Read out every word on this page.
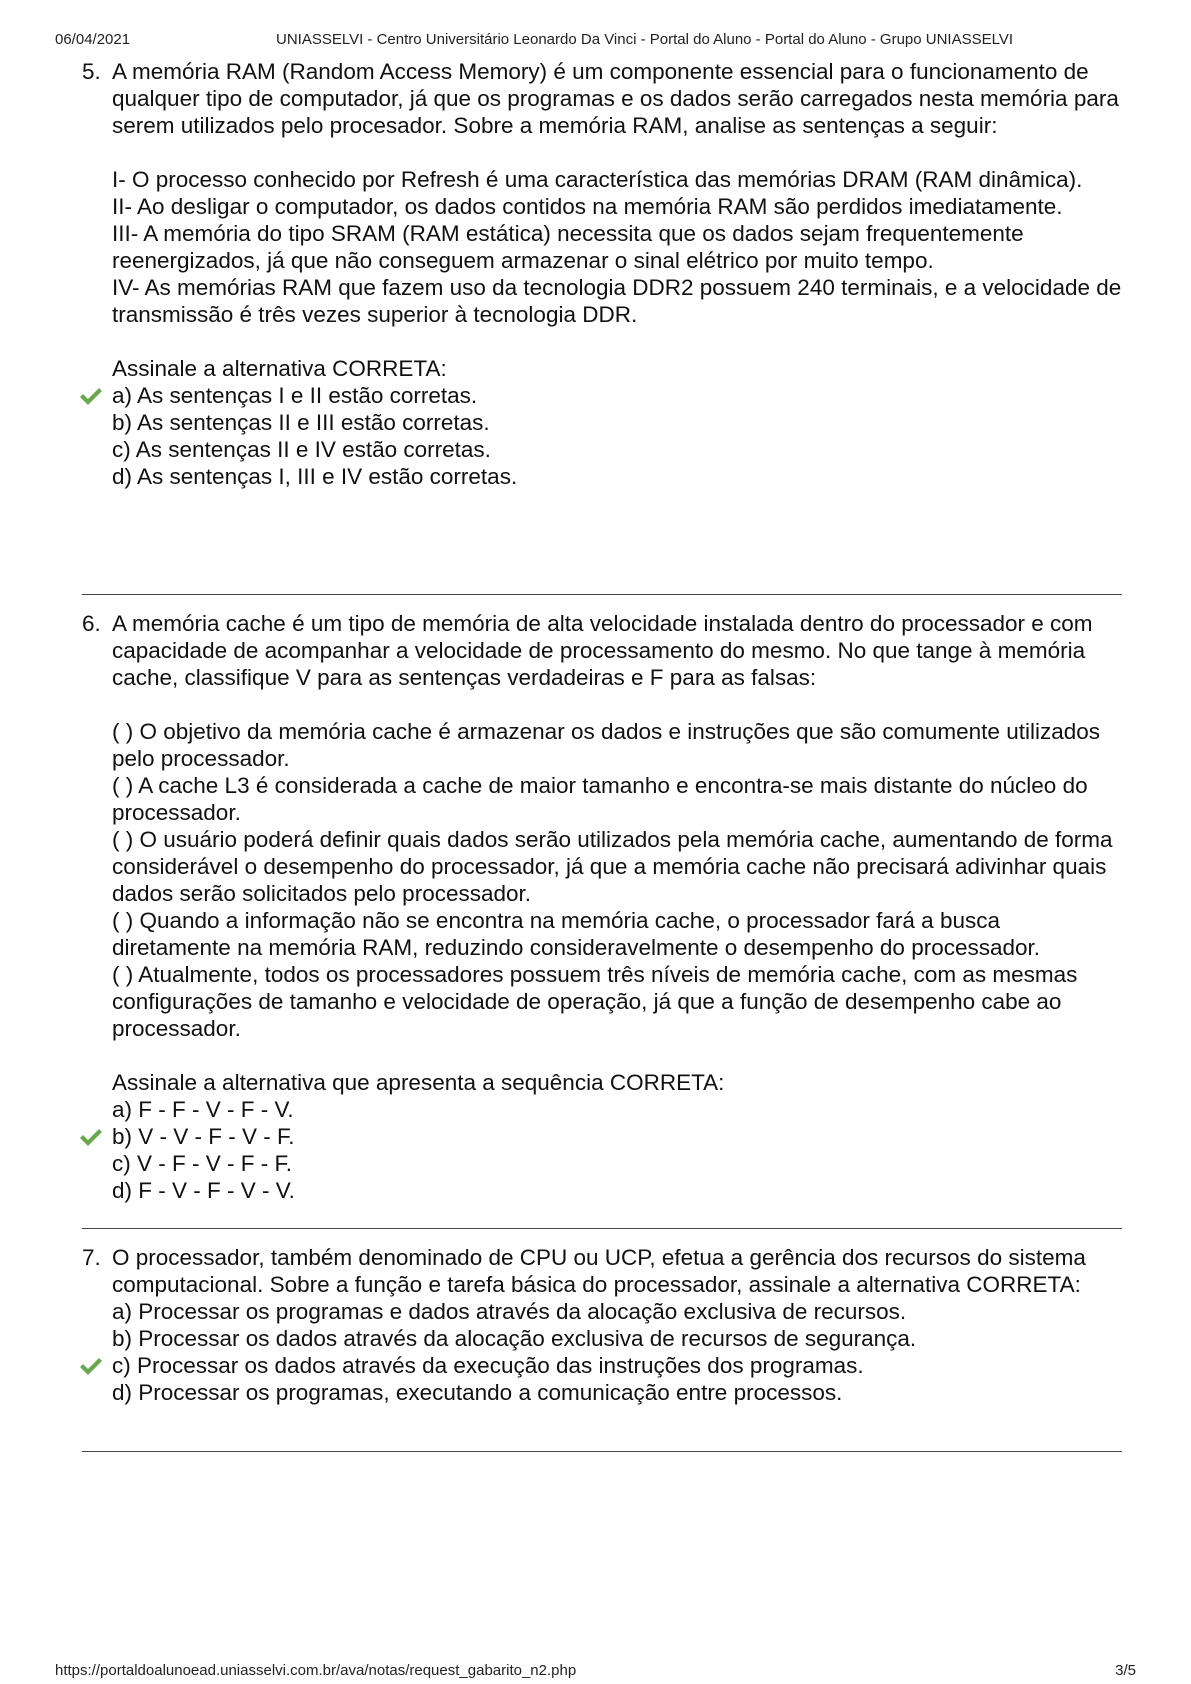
06/04/2021	UNIASSELVI - Centro Universitário Leonardo Da Vinci - Portal do Aluno - Portal do Aluno - Grupo UNIASSELVI
5. A memória RAM (Random Access Memory) é um componente essencial para o funcionamento de qualquer tipo de computador, já que os programas e os dados serão carregados nesta memória para serem utilizados pelo procesador. Sobre a memória RAM, analise as sentenças a seguir:

I- O processo conhecido por Refresh é uma característica das memórias DRAM (RAM dinâmica).
II- Ao desligar o computador, os dados contidos na memória RAM são perdidos imediatamente.
III- A memória do tipo SRAM (RAM estática) necessita que os dados sejam frequentemente reenergizados, já que não conseguem armazenar o sinal elétrico por muito tempo.
IV- As memórias RAM que fazem uso da tecnologia DDR2 possuem 240 terminais, e a velocidade de transmissão é três vezes superior à tecnologia DDR.
Assinale a alternativa CORRETA:
a) As sentenças I e II estão corretas.
b) As sentenças II e III estão corretas.
c) As sentenças II e IV estão corretas.
d) As sentenças I, III e IV estão corretas.
6. A memória cache é um tipo de memória de alta velocidade instalada dentro do processador e com capacidade de acompanhar a velocidade de processamento do mesmo. No que tange à memória cache, classifique V para as sentenças verdadeiras e F para as falsas:

( ) O objetivo da memória cache é armazenar os dados e instruções que são comumente utilizados pelo processador.
( ) A cache L3 é considerada a cache de maior tamanho e encontra-se mais distante do núcleo do processador.
( ) O usuário poderá definir quais dados serão utilizados pela memória cache, aumentando de forma considerável o desempenho do processador, já que a memória cache não precisará adivinhar quais dados serão solicitados pelo processador.
( ) Quando a informação não se encontra na memória cache, o processador fará a busca diretamente na memória RAM, reduzindo consideravelmente o desempenho do processador.
( ) Atualmente, todos os processadores possuem três níveis de memória cache, com as mesmas configurações de tamanho e velocidade de operação, já que a função de desempenho cabe ao processador.
Assinale a alternativa que apresenta a sequência CORRETA:
a) F - F - V - F - V.
b) V - V - F - V - F.
c) V - F - V - F - F.
d) F - V - F - V - V.
7. O processador, também denominado de CPU ou UCP, efetua a gerência dos recursos do sistema computacional. Sobre a função e tarefa básica do processador, assinale a alternativa CORRETA:

a) Processar os programas e dados através da alocação exclusiva de recursos.
b) Processar os dados através da alocação exclusiva de recursos de segurança.
c) Processar os dados através da execução das instruções dos programas.
d) Processar os programas, executando a comunicação entre processos.
https://portaldoalunoead.uniasselvi.com.br/ava/notas/request_gabarito_n2.php	3/5
